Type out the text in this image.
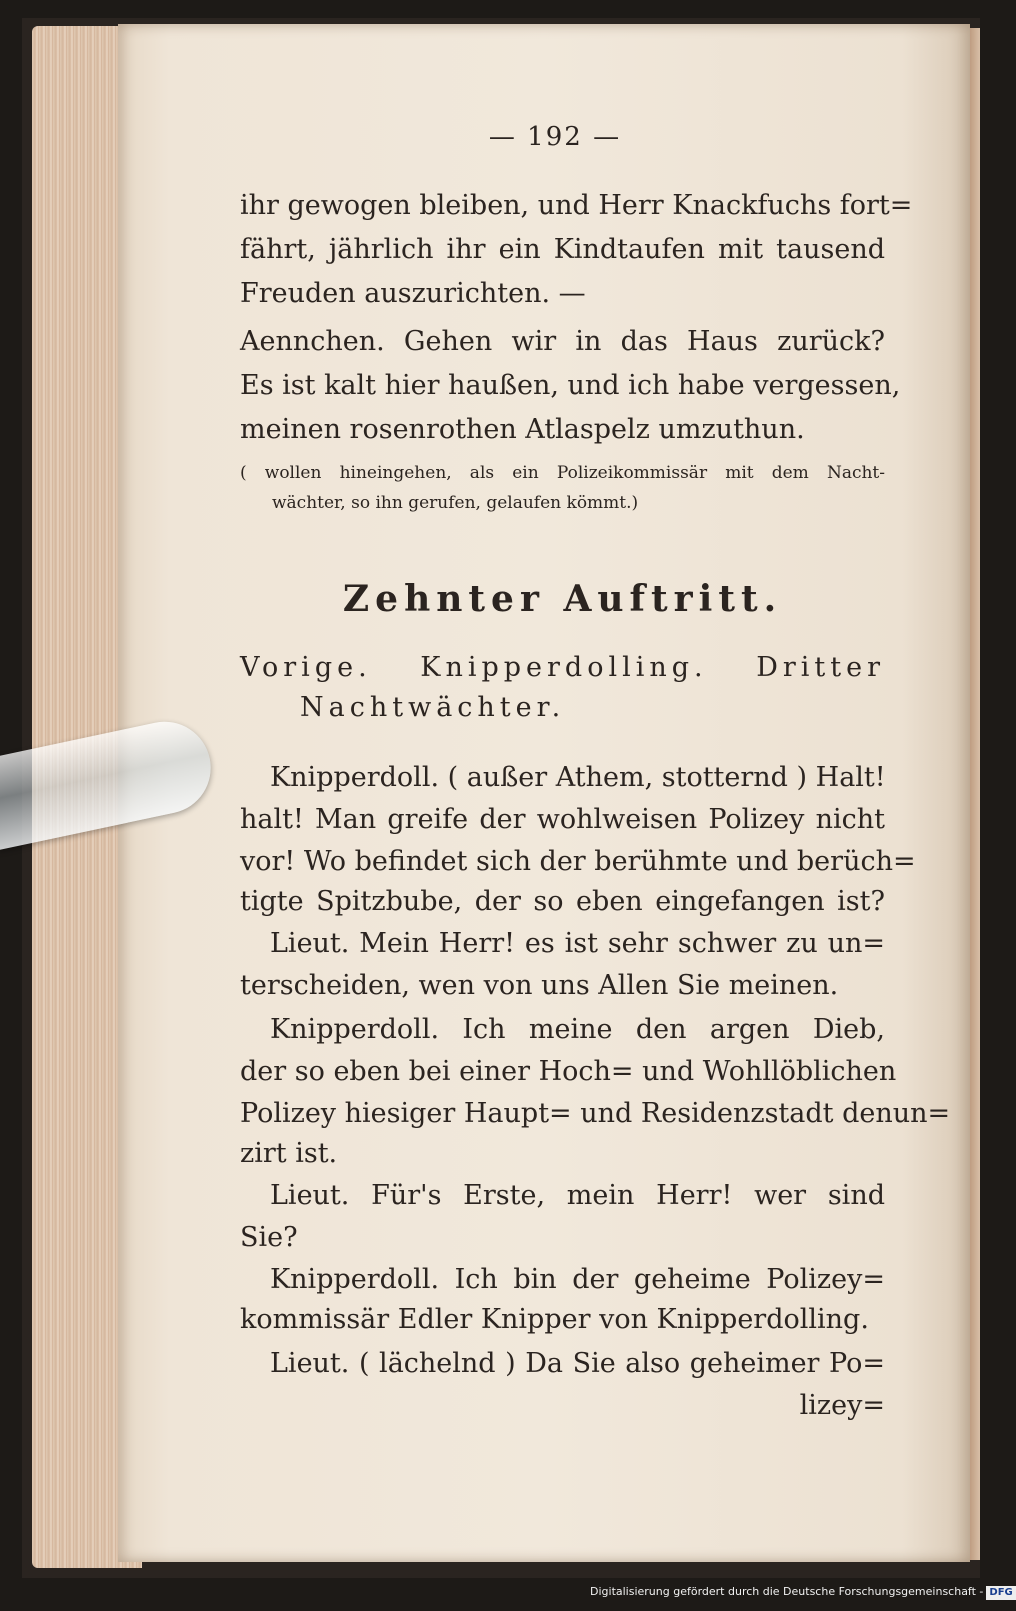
— 192 —
ihr gewogen bleiben, und Herr Knackfuchs fort=
fährt, jährlich ihr ein Kindtaufen mit tausend
Freuden auszurichten. —
Aennchen. Gehen wir in das Haus zurück?
Es ist kalt hier haußen, und ich habe vergessen,
meinen rosenrothen Atlaspelz umzuthun.
( wollen hineingehen, als ein Polizeikommissär mit dem Nacht-
wächter, so ihn gerufen, gelaufen kömmt.)
Zehnter Auftritt.
Vorige. Knipperdolling. Dritter
Nachtwächter.
Knipperdoll. ( außer Athem, stotternd ) Halt!
halt! Man greife der wohlweisen Polizey nicht
vor! Wo befindet sich der berühmte und berüch=
tigte Spitzbube, der so eben eingefangen ist?
Lieut. Mein Herr! es ist sehr schwer zu un=
terscheiden, wen von uns Allen Sie meinen.
Knipperdoll. Ich meine den argen Dieb,
der so eben bei einer Hoch= und Wohllöblichen
Polizey hiesiger Haupt= und Residenzstadt denun=
zirt ist.
Lieut. Für's Erste, mein Herr! wer sind
Sie?
Knipperdoll. Ich bin der geheime Polizey=
kommissär Edler Knipper von Knipperdolling.
Lieut. ( lächelnd ) Da Sie also geheimer Po=
lizey=
Digitalisierung gefördert durch die Deutsche Forschungsgemeinschaft - DFG
